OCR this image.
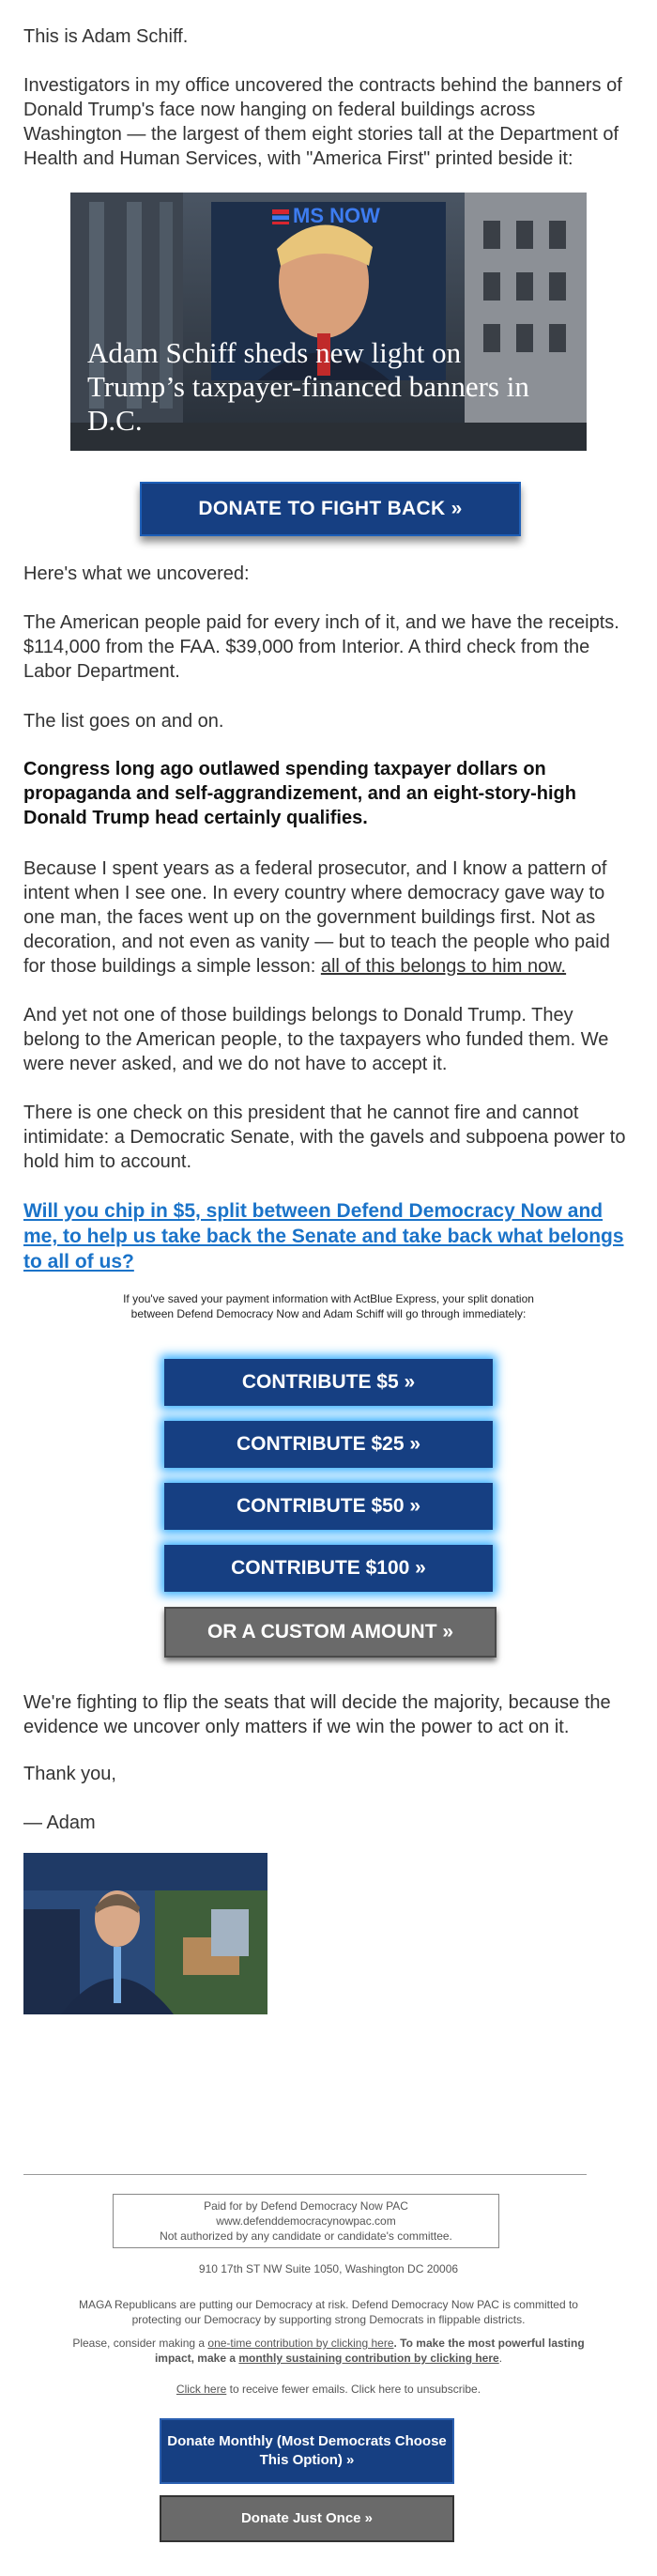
This is Adam Schiff.

Investigators in my office uncovered the contracts behind the banners of Donald Trump's face now hanging on federal buildings across Washington — the largest of them eight stories tall at the Department of Health and Human Services, with "America First" printed beside it:

MS NOW
Adam Schiff sheds new light on Trump’s taxpayer-financed banners in D.C.
DONATE TO FIGHT BACK »

Here's what we uncovered:

The American people paid for every inch of it, and we have the receipts. $114,000 from the FAA. $39,000 from Interior. A third check from the Labor Department.

The list goes on and on.

Congress long ago outlawed spending taxpayer dollars on propaganda and self-aggrandizement, and an eight-story-high Donald Trump head certainly qualifies.

Because I spent years as a federal prosecutor, and I know a pattern of intent when I see one. In every country where democracy gave way to one man, the faces went up on the government buildings first. Not as decoration, and not even as vanity — but to teach the people who paid for those buildings a simple lesson: all of this belongs to him now.

And yet not one of those buildings belongs to Donald Trump. They belong to the American people, to the taxpayers who funded them. We were never asked, and we do not have to accept it.

There is one check on this president that he cannot fire and cannot intimidate: a Democratic Senate, with the gavels and subpoena power to hold him to account.

Will you chip in $5, split between Defend Democracy Now and me, to help us take back the Senate and take back what belongs to all of us?

If you've saved your payment information with ActBlue Express, your split donation between Defend Democracy Now and Adam Schiff will go through immediately:

CONTRIBUTE $5 »
CONTRIBUTE $25 »
CONTRIBUTE $50 »
CONTRIBUTE $100 »
OR A CUSTOM AMOUNT »

We're fighting to flip the seats that will decide the majority, because the evidence we uncover only matters if we win the power to act on it.

Thank you,

— Adam

Paid for by Defend Democracy Now PAC
www.defenddemocracynowpac.com
Not authorized by any candidate or candidate's committee.
910 17th ST NW Suite 1050, Washington DC 20006
MAGA Republicans are putting our Democracy at risk. Defend Democracy Now PAC is committed to protecting our Democracy by supporting strong Democrats in flippable districts.
Please, consider making a one-time contribution by clicking here. To make the most powerful lasting impact, make a monthly sustaining contribution by clicking here.
Click here to receive fewer emails. Click here to unsubscribe.
Donate Monthly (Most Democrats Choose This Option) »
Donate Just Once »
